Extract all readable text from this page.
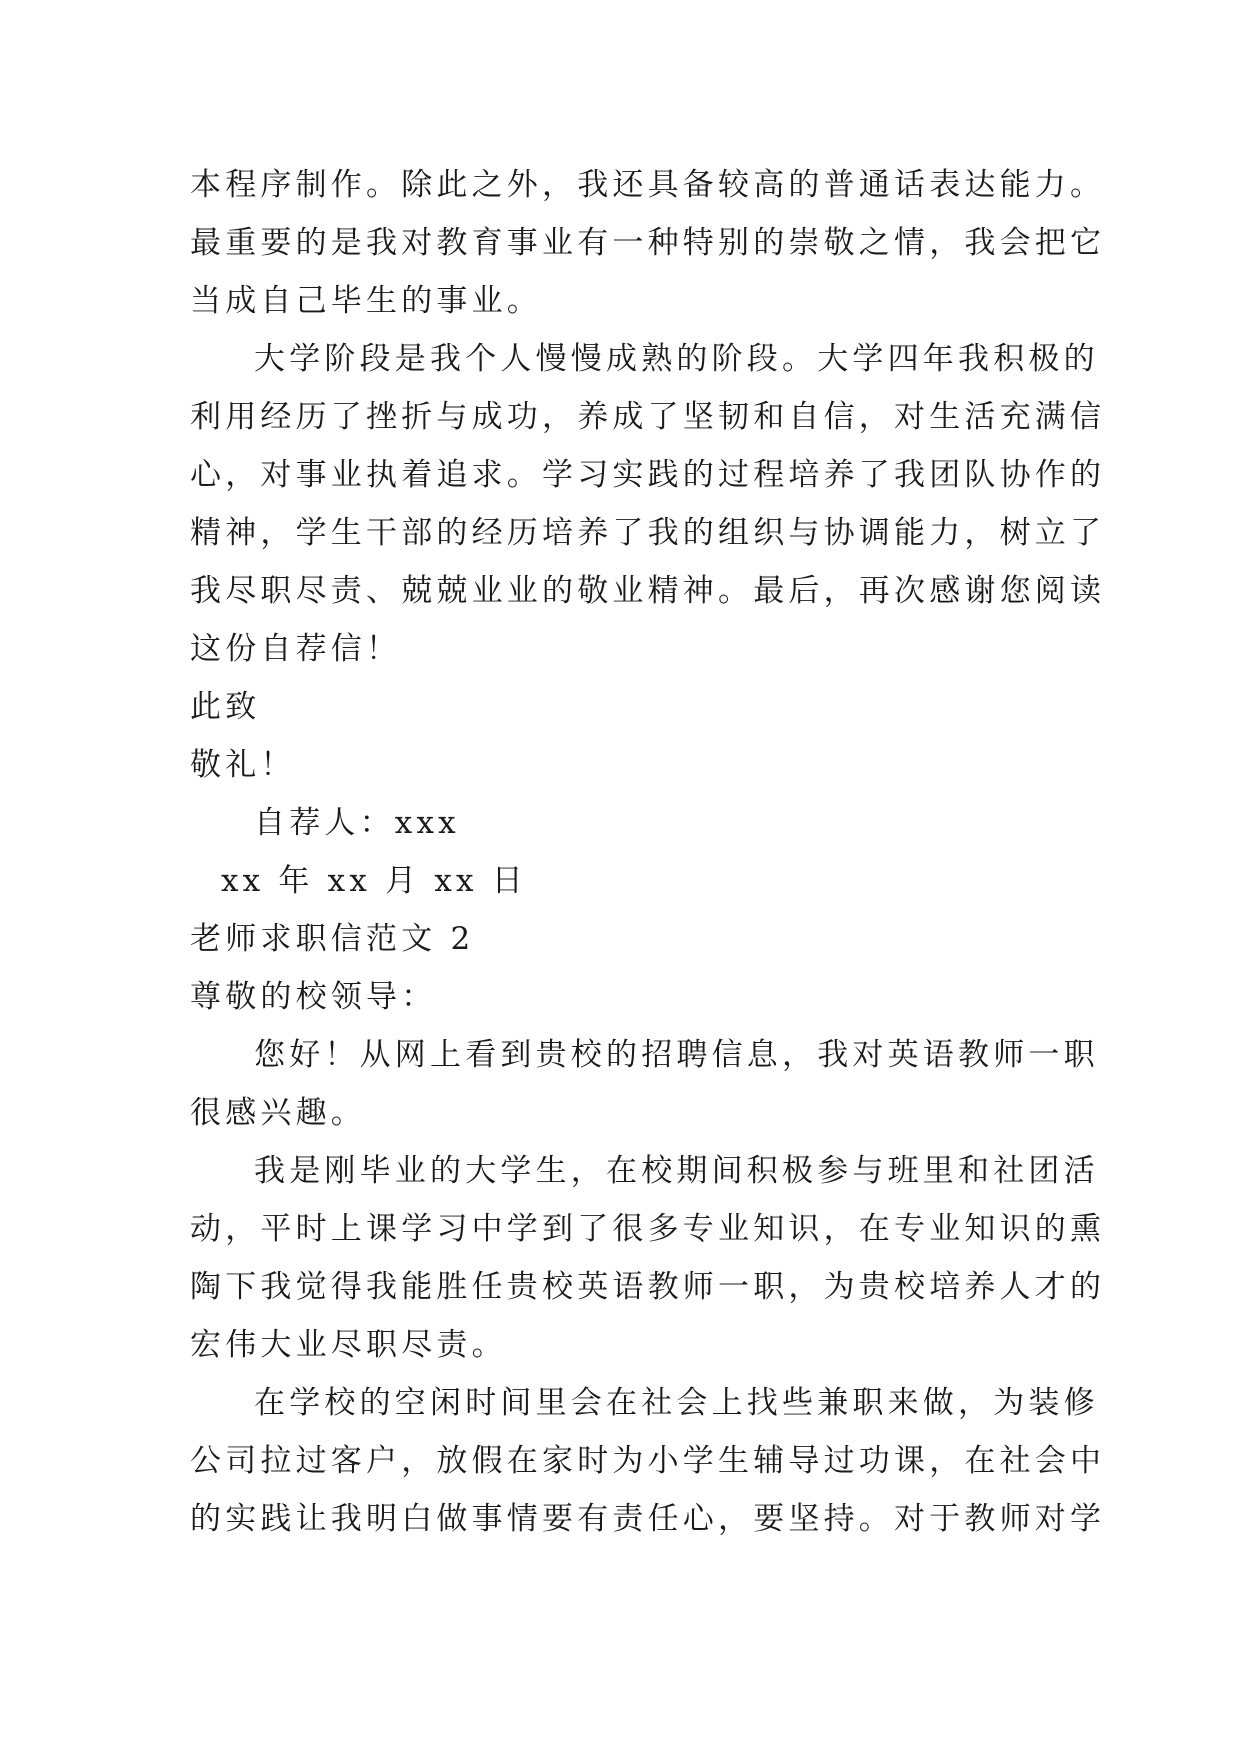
本程序制作。除此之外，我还具备较高的普通话表达能力。
最重要的是我对教育事业有一种特别的崇敬之情，我会把它
当成自己毕生的事业。
大学阶段是我个人慢慢成熟的阶段。大学四年我积极的
利用经历了挫折与成功，养成了坚韧和自信，对生活充满信
心，对事业执着追求。学习实践的过程培养了我团队协作的
精神，学生干部的经历培养了我的组织与协调能力，树立了
我尽职尽责、兢兢业业的敬业精神。最后，再次感谢您阅读
这份自荐信！
此致
敬礼！
自荐人：xxx
xx 年 xx 月 xx 日
老师求职信范文 2
尊敬的校领导：
您好！从网上看到贵校的招聘信息，我对英语教师一职
很感兴趣。
我是刚毕业的大学生，在校期间积极参与班里和社团活
动，平时上课学习中学到了很多专业知识，在专业知识的熏
陶下我觉得我能胜任贵校英语教师一职，为贵校培养人才的
宏伟大业尽职尽责。
在学校的空闲时间里会在社会上找些兼职来做，为装修
公司拉过客户，放假在家时为小学生辅导过功课，在社会中
的实践让我明白做事情要有责任心，要坚持。对于教师对学
